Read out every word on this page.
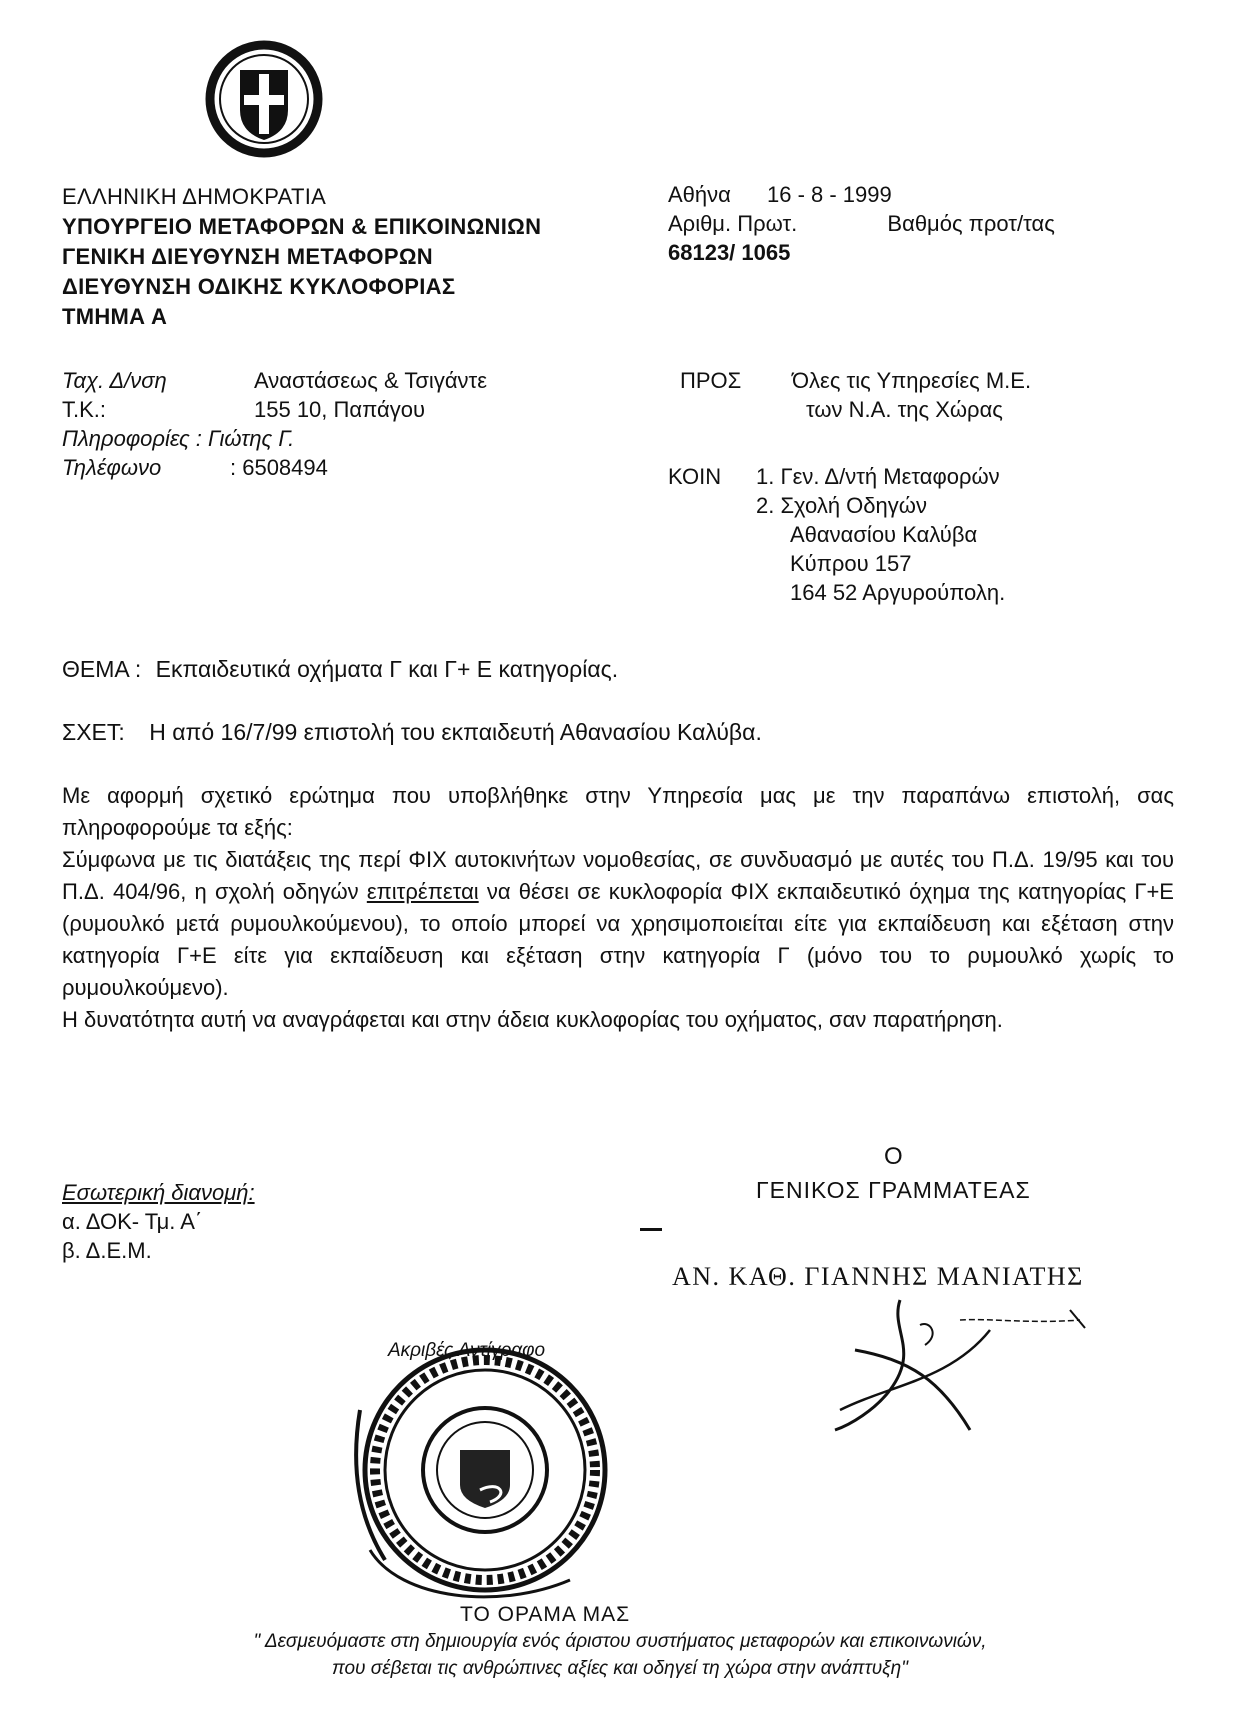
ΕΛΛΗΝΙΚΗ ΔΗΜΟΚΡΑΤΙΑ
ΥΠΟΥΡΓΕΙΟ ΜΕΤΑΦΟΡΩΝ & ΕΠΙΚΟΙΝΩΝΙΩΝ
ΓΕΝΙΚΗ ΔΙΕΥΘΥΝΣΗ ΜΕΤΑΦΟΡΩΝ
ΔΙΕΥΘΥΝΣΗ ΟΔΙΚΗΣ ΚΥΚΛΟΦΟΡΙΑΣ
ΤΜΗΜΑ Α
Αθήνα 16 - 8 - 1999
Αριθμ. Πρωτ.	Βαθμός προτ/τας
68123/ 1065
Ταχ. Δ/νση	Αναστάσεως & Τσιγάντε
Τ.Κ.:	155 10, Παπάγου
Πληροφορίες : Γιώτης Γ.
Τηλέφωνο	: 6508494
ΠΡΟΣ Όλες τις Υπηρεσίες Μ.Ε.
των Ν.Α. της Χώρας
ΚΟΙΝ 1. Γεν. Δ/ντή Μεταφορών
2. Σχολή Οδηγών
Αθανασίου Καλύβα
Κύπρου 157
164 52 Αργυρούπολη.
ΘΕΜΑ : Εκπαιδευτικά οχήματα Γ και Γ+ Ε κατηγορίας.
ΣΧΕΤ: Η από 16/7/99 επιστολή του εκπαιδευτή Αθανασίου Καλύβα.

Με αφορμή σχετικό ερώτημα που υποβλήθηκε στην Υπηρεσία μας με την παραπάνω επιστολή, σας πληροφορούμε τα εξής:

Σύμφωνα με τις διατάξεις της περί ΦΙΧ αυτοκινήτων νομοθεσίας, σε συνδυασμό με αυτές του Π.Δ. 19/95 και του Π.Δ. 404/96, η σχολή οδηγών επιτρέπεται να θέσει σε κυκλοφορία ΦΙΧ εκπαιδευτικό όχημα της κατηγορίας Γ+Ε (ρυμουλκό μετά ρυμουλκούμενου), το οποίο μπορεί να χρησιμοποιείται είτε για εκπαίδευση και εξέταση στην κατηγορία Γ+Ε είτε για εκπαίδευση και εξέταση στην κατηγορία Γ (μόνο του το ρυμουλκό χωρίς το ρυμουλκούμενο).

Η δυνατότητα αυτή να αναγράφεται και στην άδεια κυκλοφορίας του οχήματος, σαν παρατήρηση.

Ο
ΓΕΝΙΚΟΣ ΓΡΑΜΜΑΤΕΑΣ
Εσωτερική διανομή:
α. ΔΟΚ- Τμ. Α΄
β. Δ.Ε.Μ.
ΑΝ. ΚΑΘ. ΓΙΑΝΝΗΣ ΜΑΝΙΑΤΗΣ
Ακριβές Αντίγραφο
ΤΟ ΟΡΑΜΑ ΜΑΣ
" Δεσμευόμαστε στη δημιουργία ενός άριστου συστήματος μεταφορών και επικοινωνιών,
που σέβεται τις ανθρώπινες αξίες και οδηγεί τη χώρα στην ανάπτυξη"
